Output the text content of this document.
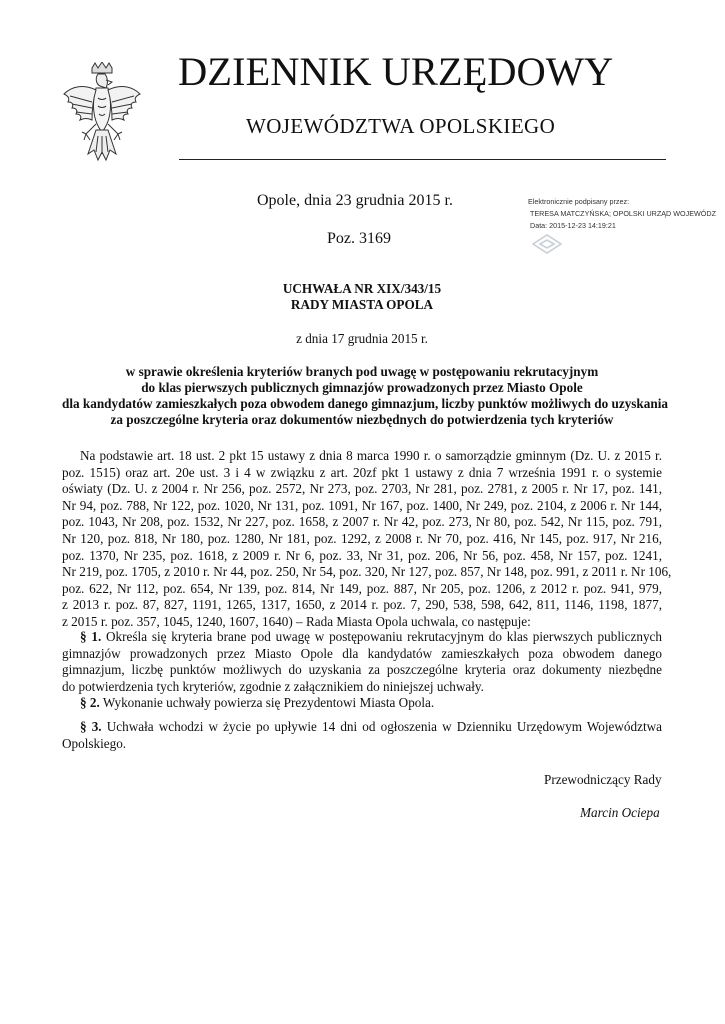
DZIENNIK URZĘDOWY
WOJEWÓDZTWA OPOLSKIEGO
Opole, dnia 23 grudnia 2015 r.
Poz. 3169
Elektronicznie podpisany przez:
TERESA MATCZYŃSKA; OPOLSKI URZĄD WOJEWÓDZ
Data: 2015-12-23 14:19:21
UCHWAŁA NR XIX/343/15
RADY MIASTA OPOLA
z dnia 17 grudnia 2015 r.
w sprawie określenia kryteriów branych pod uwagę w postępowaniu rekrutacyjnym
do klas pierwszych publicznych gimnazjów prowadzonych przez Miasto Opole
dla kandydatów zamieszkałych poza obwodem danego gimnazjum, liczby punktów możliwych do uzyskania
za poszczególne kryteria oraz dokumentów niezbędnych do potwierdzenia tych kryteriów
Na podstawie art. 18 ust. 2 pkt 15 ustawy z dnia 8 marca 1990 r. o samorządzie gminnym (Dz. U. z 2015 r.
poz. 1515) oraz art. 20e ust. 3 i 4 w związku z art. 20zf pkt 1 ustawy z dnia 7 września 1991 r. o systemie
oświaty (Dz. U. z 2004 r. Nr 256, poz. 2572, Nr 273, poz. 2703, Nr 281, poz. 2781, z 2005 r. Nr 17, poz. 141,
Nr 94, poz. 788, Nr 122, poz. 1020, Nr 131, poz. 1091, Nr 167, poz. 1400, Nr 249, poz. 2104, z 2006 r. Nr 144,
poz. 1043, Nr 208, poz. 1532, Nr 227, poz. 1658, z 2007 r. Nr 42, poz. 273, Nr 80, poz. 542, Nr 115, poz. 791,
Nr 120, poz. 818, Nr 180, poz. 1280, Nr 181, poz. 1292, z 2008 r. Nr 70, poz. 416, Nr 145, poz. 917, Nr 216,
poz. 1370, Nr 235, poz. 1618, z 2009 r. Nr 6, poz. 33, Nr 31, poz. 206, Nr 56, poz. 458, Nr 157, poz. 1241,
Nr 219, poz. 1705, z 2010 r. Nr 44, poz. 250, Nr 54, poz. 320, Nr 127, poz. 857, Nr 148, poz. 991, z 2011 r. Nr 106,
poz. 622, Nr 112, poz. 654, Nr 139, poz. 814, Nr 149, poz. 887, Nr 205, poz. 1206, z 2012 r. poz. 941, 979,
z 2013 r. poz. 87, 827, 1191, 1265, 1317, 1650, z 2014 r. poz. 7, 290, 538, 598, 642, 811, 1146, 1198, 1877,
z 2015 r. poz. 357, 1045, 1240, 1607, 1640) – Rada Miasta Opola uchwala, co następuje:
§ 1. Określa się kryteria brane pod uwagę w postępowaniu rekrutacyjnym do klas pierwszych publicznych
gimnazjów prowadzonych przez Miasto Opole dla kandydatów zamieszkałych poza obwodem danego
gimnazjum, liczbę punktów możliwych do uzyskania za poszczególne kryteria oraz dokumenty niezbędne
do potwierdzenia tych kryteriów, zgodnie z załącznikiem do niniejszej uchwały.
§ 2. Wykonanie uchwały powierza się Prezydentowi Miasta Opola.
§ 3. Uchwała wchodzi w życie po upływie 14 dni od ogłoszenia w Dzienniku Urzędowym Województwa
Opolskiego.
Przewodniczący Rady
Marcin Ociepa
